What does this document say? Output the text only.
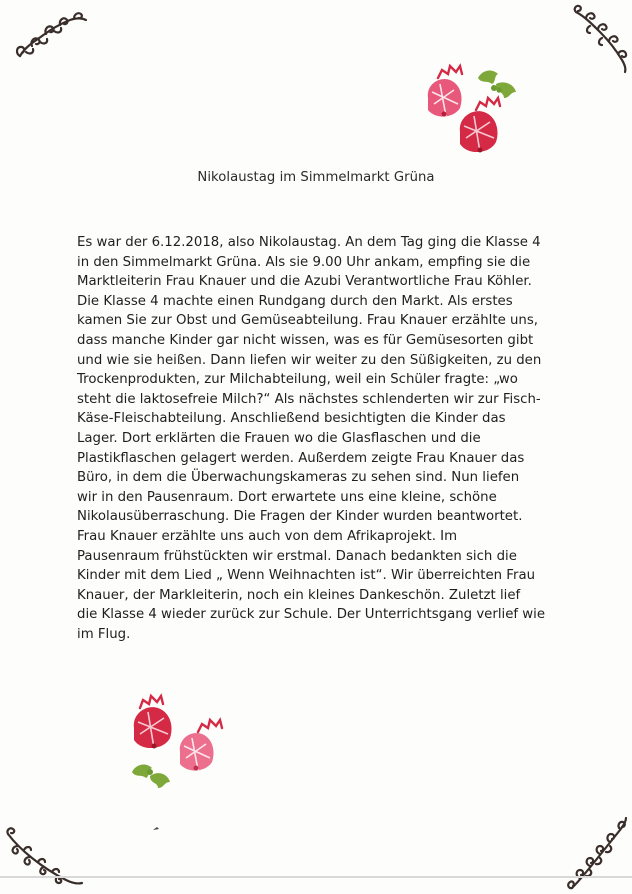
Nikolaustag im Simmelmarkt Grüna
Es war der 6.12.2018, also Nikolaustag. An dem Tag ging die Klasse 4
in den Simmelmarkt Grüna. Als sie 9.00 Uhr ankam, empfing sie die
Marktleiterin Frau Knauer und die Azubi Verantwortliche Frau Köhler.
Die Klasse 4 machte einen Rundgang durch den Markt. Als erstes
kamen Sie zur Obst und Gemüseabteilung. Frau Knauer erzählte uns,
dass manche Kinder gar nicht wissen, was es für Gemüsesorten gibt
und wie sie heißen. Dann liefen wir weiter zu den Süßigkeiten, zu den
Trockenprodukten, zur Milchabteilung, weil ein Schüler fragte: „wo
steht die laktosefreie Milch?“ Als nächstes schlenderten wir zur Fisch-
Käse-Fleischabteilung. Anschließend besichtigten die Kinder das
Lager. Dort erklärten die Frauen wo die Glasflaschen und die
Plastikflaschen gelagert werden. Außerdem zeigte Frau Knauer das
Büro, in dem die Überwachungskameras zu sehen sind. Nun liefen
wir in den Pausenraum. Dort erwartete uns eine kleine, schöne
Nikolausüberraschung. Die Fragen der Kinder wurden beantwortet.
Frau Knauer erzählte uns auch von dem Afrikaprojekt. Im
Pausenraum frühstückten wir erstmal. Danach bedankten sich die
Kinder mit dem Lied „ Wenn Weihnachten ist“. Wir überreichten Frau
Knauer, der Markleiterin, noch ein kleines Dankeschön. Zuletzt lief
die Klasse 4 wieder zurück zur Schule. Der Unterrichtsgang verlief wie
im Flug.
